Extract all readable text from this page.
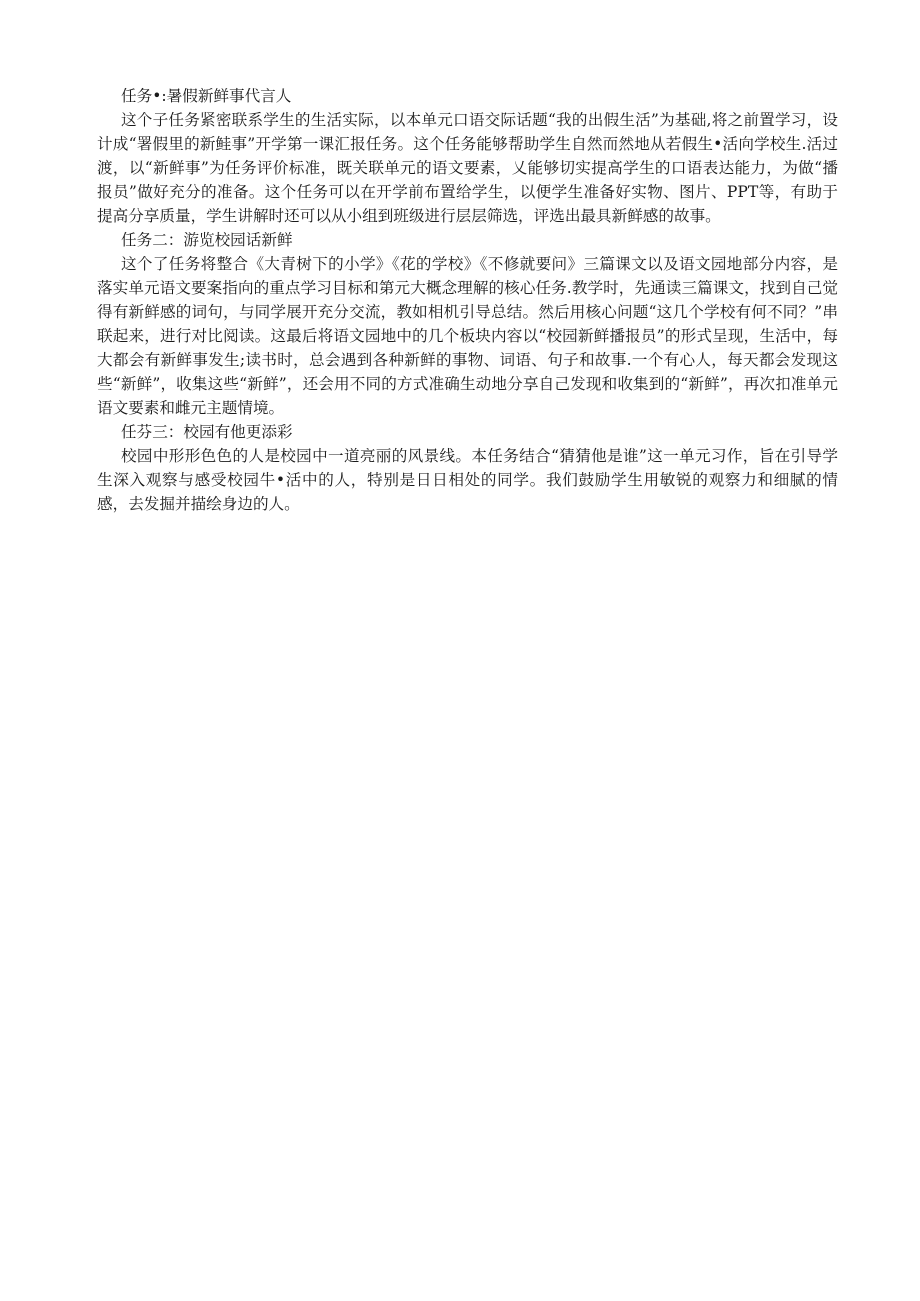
任务•:暑假新鲜事代言人

这个子任务紧密联系学生的生活实际，以本单元口语交际话题“我的出假生活”为基础,将之前置学习，设计成“署假里的新鲑事”开学第一课汇报任务。这个任务能够帮助学生自然而然地从若假生•活向学校生.活过渡，以“新鲜事”为任务评价标准，既关联单元的语文要素，乂能够切实提高学生的口语表达能力，为做“播报员”做好充分的准备。这个任务可以在开学前布置给学生，以便学生准备好实物、图片、PPT等，有助于提高分享质量，学生讲解时还可以从小组到班级进行层层筛选，评选出最具新鲜感的故事。

任务二：游览校园话新鲜

这个了任务将整合《大青树下的小学》《花的学校》《不修就要问》三篇课文以及语文园地部分内容，是落实单元语文要案指向的重点学习目标和第元大概念理解的核心任务.教学时，先通读三篇课文，找到自己觉得有新鲜感的词句，与同学展开充分交流，教如相机引导总结。然后用核心问题“这几个学校有何不同？”串联起来，进行对比阅读。这最后将语文园地中的几个板块内容以“校园新鲜播报员”的形式呈现，生活中，每大都会有新鲜事发生;读书时，总会遇到各种新鲜的事物、词语、句子和故事.一个有心人，每天都会发现这些“新鲜”，收集这些“新鲜”，还会用不同的方式准确生动地分享自己发现和收集到的“新鲜”，再次扣准单元语文要素和雌元主题情境。

任芬三：校园有他更添彩

校园中形形色色的人是校园中一道亮丽的风景线。本任务结合“猜猜他是谁”这一单元习作，旨在引导学生深入观察与感受校园牛•活中的人，特别是日日相处的同学。我们鼓励学生用敏锐的观察力和细腻的情感，去发掘并描绘身边的人。
